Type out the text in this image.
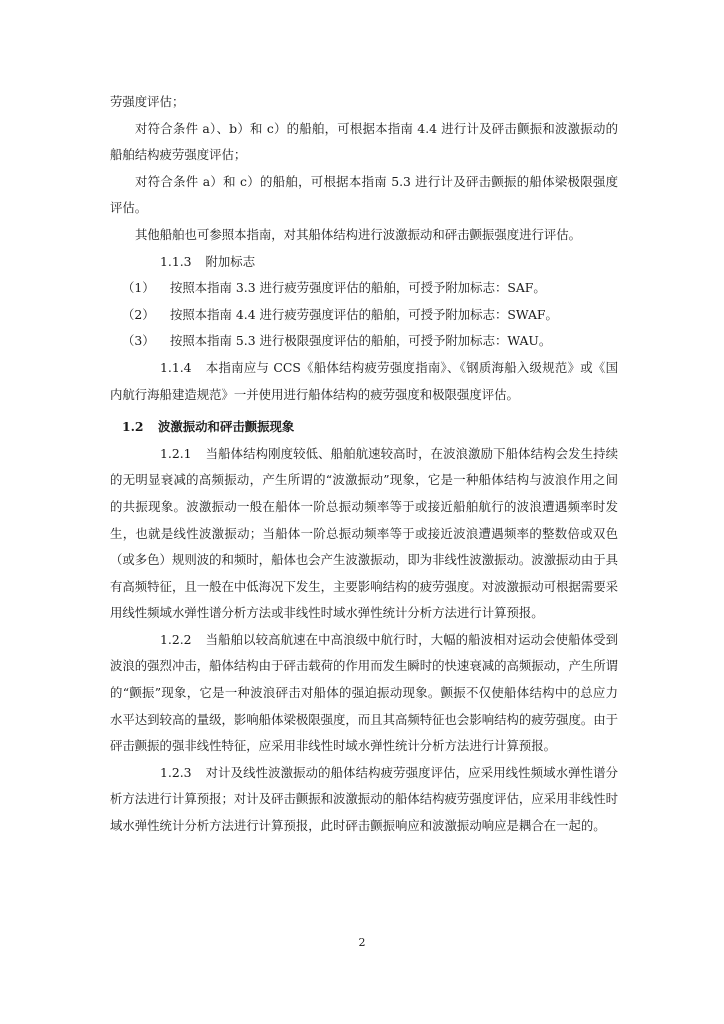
劳强度评估；

对符合条件 a）、b）和 c）的船舶，可根据本指南 4.4 进行计及砰击颤振和波激振动的船舶结构疲劳强度评估；

对符合条件 a）和 c）的船舶，可根据本指南 5.3 进行计及砰击颤振的船体梁极限强度评估。

其他船舶也可参照本指南，对其船体结构进行波激振动和砰击颤振强度进行评估。

1.1.3 附加标志

（1） 按照本指南 3.3 进行疲劳强度评估的船舶，可授予附加标志：SAF。

（2） 按照本指南 4.4 进行疲劳强度评估的船舶，可授予附加标志：SWAF。

（3） 按照本指南 5.3 进行极限强度评估的船舶，可授予附加标志：WAU。

1.1.4 本指南应与 CCS《船体结构疲劳强度指南》、《钢质海船入级规范》或《国内航行海船建造规范》一并使用进行船体结构的疲劳强度和极限强度评估。

1.2 波激振动和砰击颤振现象

1.2.1 当船体结构刚度较低、船舶航速较高时，在波浪激励下船体结构会发生持续的无明显衰减的高频振动，产生所谓的“波激振动”现象，它是一种船体结构与波浪作用之间的共振现象。波激振动一般在船体一阶总振动频率等于或接近船舶航行的波浪遭遇频率时发生，也就是线性波激振动；当船体一阶总振动频率等于或接近波浪遭遇频率的整数倍或双色（或多色）规则波的和频时，船体也会产生波激振动，即为非线性波激振动。波激振动由于具有高频特征，且一般在中低海况下发生，主要影响结构的疲劳强度。对波激振动可根据需要采用线性频域水弹性谱分析方法或非线性时域水弹性统计分析方法进行计算预报。

1.2.2 当船舶以较高航速在中高浪级中航行时，大幅的船波相对运动会使船体受到波浪的强烈冲击，船体结构由于砰击载荷的作用而发生瞬时的快速衰减的高频振动，产生所谓的“颤振”现象，它是一种波浪砰击对船体的强迫振动现象。颤振不仅使船体结构中的总应力水平达到较高的量级，影响船体梁极限强度，而且其高频特征也会影响结构的疲劳强度。由于砰击颤振的强非线性特征，应采用非线性时域水弹性统计分析方法进行计算预报。

1.2.3 对计及线性波激振动的船体结构疲劳强度评估，应采用线性频域水弹性谱分析方法进行计算预报；对计及砰击颤振和波激振动的船体结构疲劳强度评估，应采用非线性时域水弹性统计分析方法进行计算预报，此时砰击颤振响应和波激振动响应是耦合在一起的。

2
